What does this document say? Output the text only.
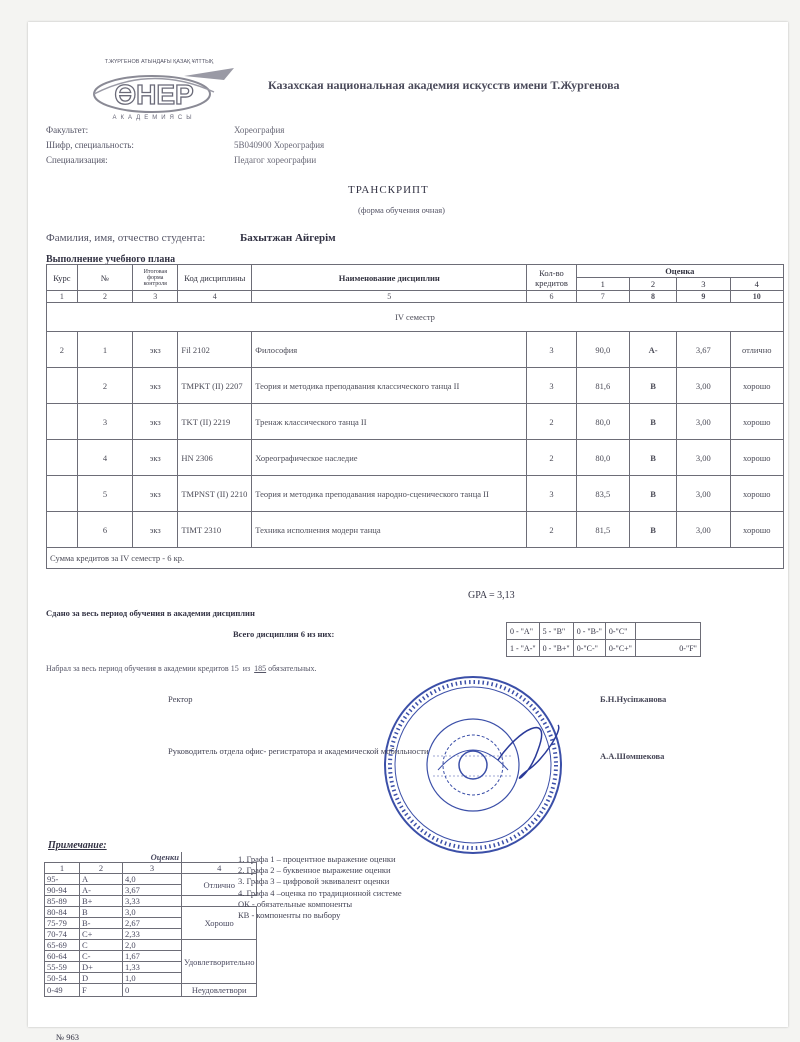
Т.ЖҮРГЕНОВ АТЫНДАҒЫ ҚАЗАҚ ҰЛТТЫҚ
ӨНЕР
АКАДЕМИЯСЫ
Казахская национальная академия искусств имени Т.Жургенова
Факультет:	Хореография
Шифр, специальность:	5В040900 Хореография
Специализация:	Педагог хореографии
ТРАНСКРИПТ
(форма обучения очная)
Фамилия, имя, отчество студента:	Бахытжан Айгерім
Выполнение учебного плана
Курс	№	Итоговая форма контроля	Код дисциплины	Наименование дисциплин	Кол-во кредитов	Оценка			
						1	2	3	4
1	2	3	4	5	6	7	8	9	10
IV семестр									
2	1	экз	Fil 2102	Философия	3	90,0	A-	3,67	отлично
	2	экз	TMPKT (II) 2207	Теория и методика преподавания классического танца II	3	81,6	B	3,00	хорошо
	3	экз	TKT (II) 2219	Тренаж классического танца II	2	80,0	B	3,00	хорошо
	4	экз	HN 2306	Хореографическое наследие	2	80,0	B	3,00	хорошо
	5	экз	TMPNST (II) 2210	Теория и методика преподавания народно-сценического танца II	3	83,5	B	3,00	хорошо
	6	экз	TIMT 2310	Техника исполнения модерн танца	2	81,5	B	3,00	хорошо
Сумма кредитов за IV семестр - 6 кр.									
GPA = 3,13
Сдано за весь период обучения в академии дисциплин
Всего дисциплин 6 из них:	0 - "A"	5 - "B"	0 - "B-"	0-"C"	
1 - "A-"	0 - "B+"	0-"C-"	0-"C+"	0-"F"
Набрал за весь период обучения в академии кредитов 15 из 185 обязательных.
Ректор	Б.Н.Нусіпжанова
Руководитель отдела офис- регистратора и академической мобильности	А.А.Шомшекова
Примечание:
Оценки			
1	2	3	4
95-	A	4,0	Отлично
90-94	A-	3,67	
85-89	B+	3,33	
80-84	B	3,0	Хорошо
75-79	B-	2,67	
70-74	C+	2,33	
65-69	C	2,0	Удовлетворительно
60-64	C-	1,67	
55-59	D+	1,33	
50-54	D	1,0	
0-49	F	0	Неудовлетвори
1. Графа 1 – процентное выражение оценки
2. Графа 2 – буквенное выражение оценки
3. Графа 3 – цифровой эквивалент оценки
4. Графа 4 –оценка по традиционной системе
ОК - обязательные компоненты
КВ - компоненты по выбору
№ 963
